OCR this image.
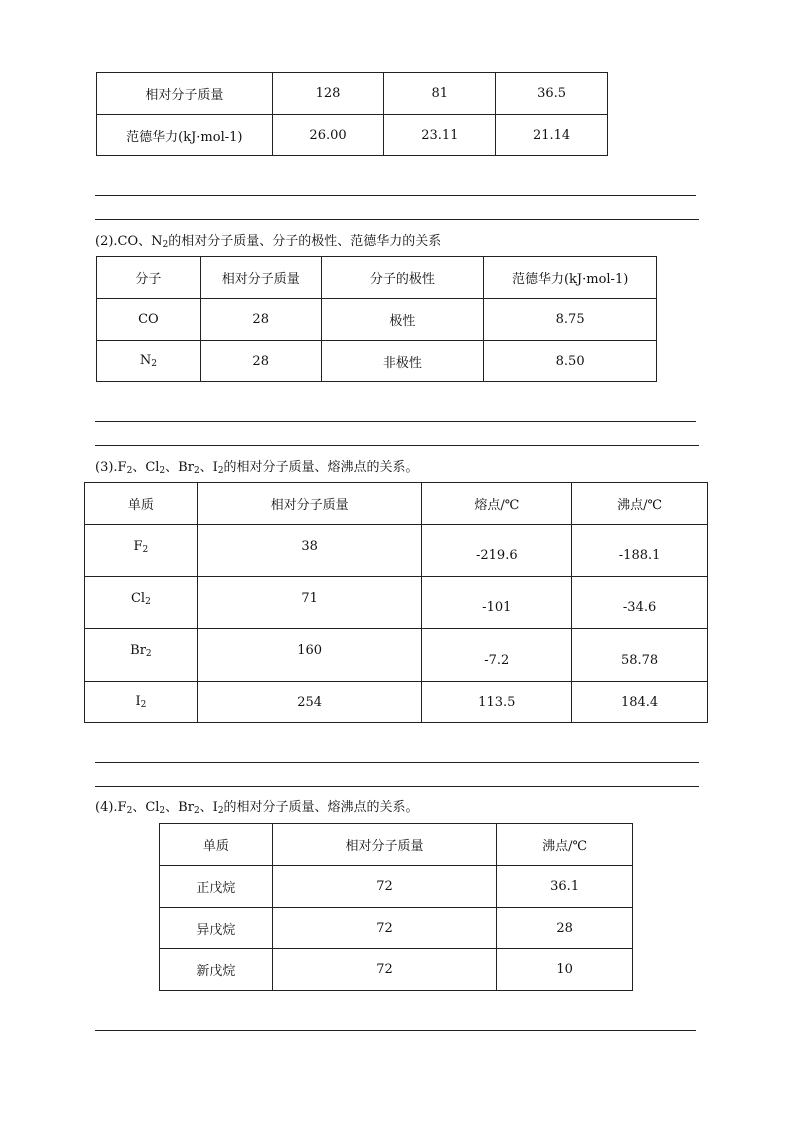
相对分子质量	128	81	36.5
范德华力(kJ·mol-1)	26.00	23.11	21.14
(2).CO、$N_2$的相对分子质量、分子的极性、范德华力的关系
分子	相对分子质量	分子的极性	范德华力(kJ·mol-1)
CO	28	极性	8.75
$N_2$	28	非极性	8.50
$(3).F_2$、$Cl_2$、$Br_2$、$I_2$的相对分子质量、熔沸点的关系。
单质	相对分子质量	熔点/℃	沸点/℃
$F_2$	38	-219.6	-188.1
$Cl_2$	71	-101	-34.6
$Br_2$	160	-7.2	58.78
$I_2$	254	113.5	184.4
$(4).F_2$、$Cl_2$、$Br_2$、$I_2$的相对分子质量、熔沸点的关系。
单质	相对分子质量	沸点/℃
正戊烷	72	36.1
异戊烷	72	28
新戊烷	72	10
